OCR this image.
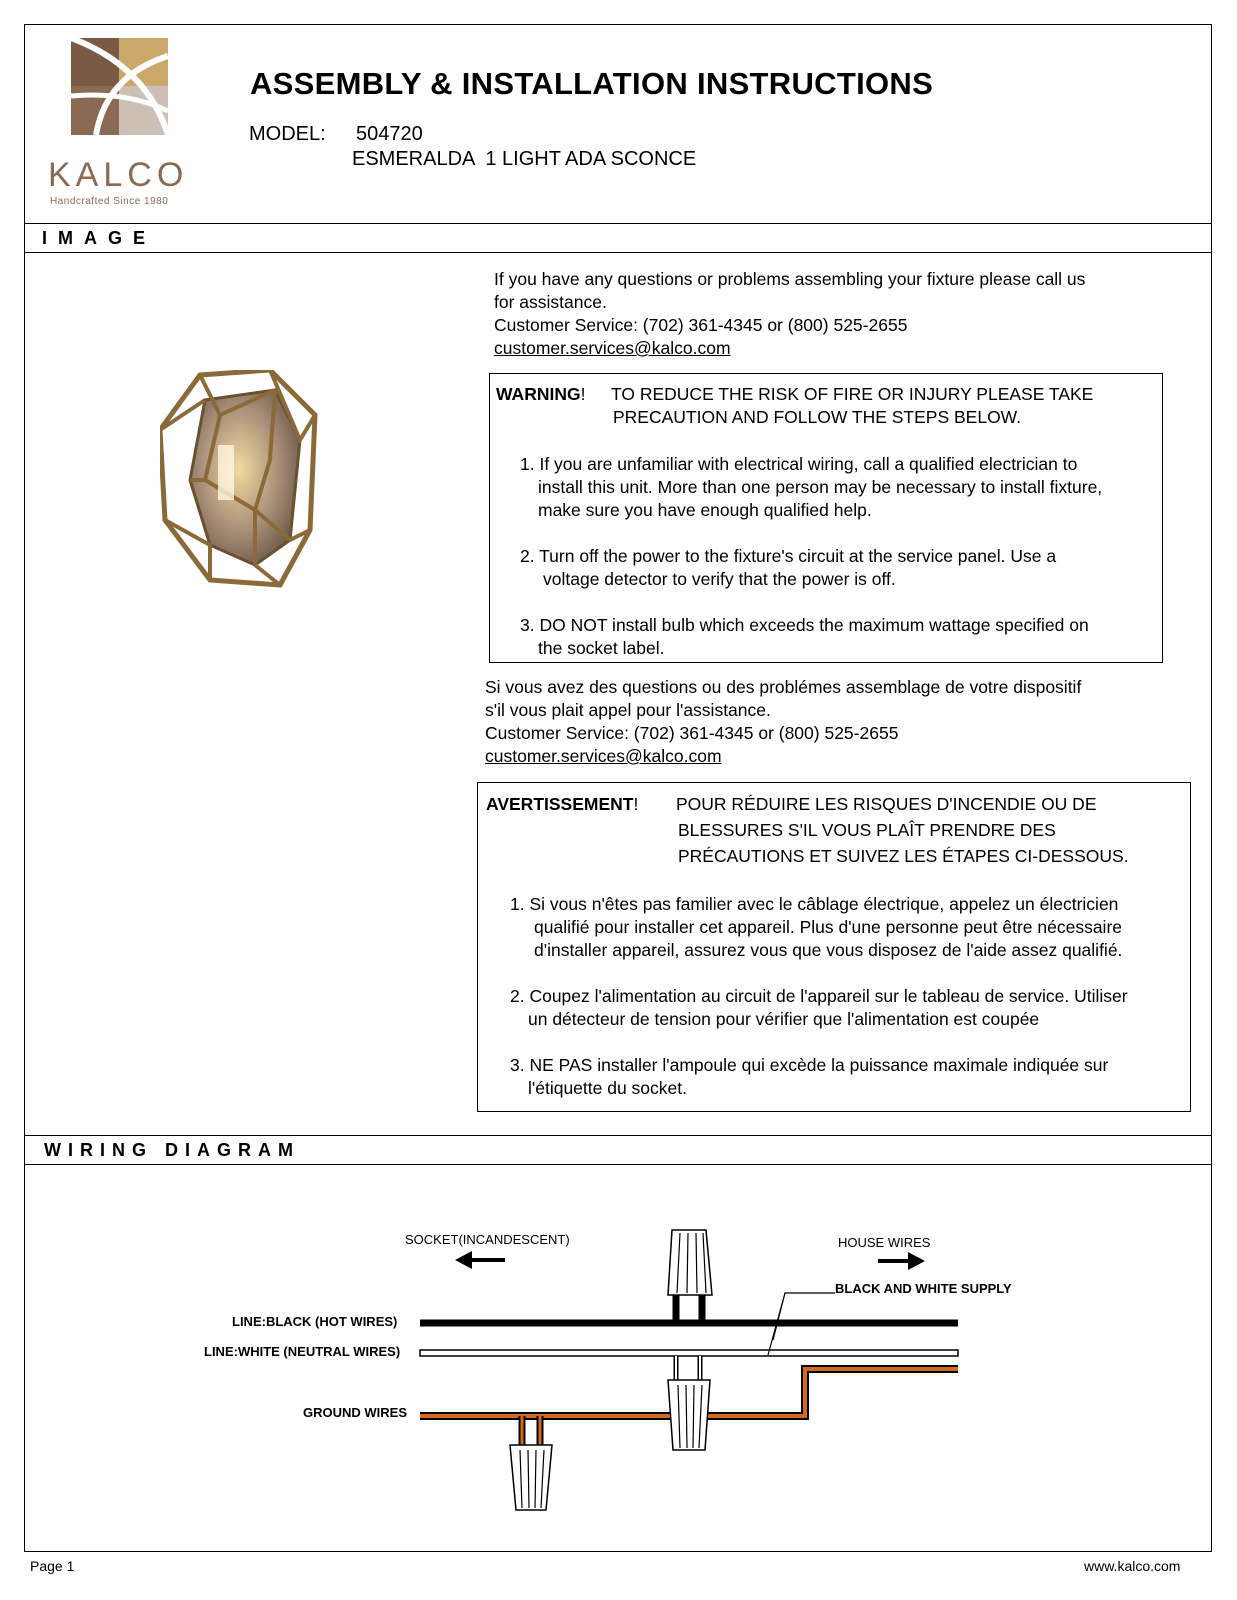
KALCO
Handcrafted Since 1980
ASSEMBLY & INSTALLATION INSTRUCTIONS
MODEL: 504720
ESMERALDA  1 LIGHT ADA SCONCE
IMAGE
If you have any questions or problems assembling your fixture please call us
for assistance.
Customer Service: (702) 361-4345 or (800) 525-2655
customer.services@kalco.com
WARNING! TO REDUCE THE RISK OF FIRE OR INJURY PLEASE TAKE
PRECAUTION AND FOLLOW THE STEPS BELOW.
1. If you are unfamiliar with electrical wiring, call a qualified electrician to
install this unit. More than one person may be necessary to install fixture,
make sure you have enough qualified help.
2. Turn off the power to the fixture's circuit at the service panel. Use a
voltage detector to verify that the power is off.
3. DO NOT install bulb which exceeds the maximum wattage specified on
the socket label.
Si vous avez des questions ou des problémes assemblage de votre dispositif
s'il vous plait appel pour l'assistance.
Customer Service: (702) 361-4345 or (800) 525-2655
customer.services@kalco.com
AVERTISSEMENT! POUR RÉDUIRE LES RISQUES D'INCENDIE OU DE
BLESSURES S'IL VOUS PLAÎT PRENDRE DES
PRÉCAUTIONS ET SUIVEZ LES ÉTAPES CI-DESSOUS.
1. Si vous n'êtes pas familier avec le câblage électrique, appelez un électricien
qualifié pour installer cet appareil. Plus d'une personne peut être nécessaire
d'installer appareil, assurez vous que vous disposez de l'aide assez qualifié.
2. Coupez l'alimentation au circuit de l'appareil sur le tableau de service. Utiliser
un détecteur de tension pour vérifier que l'alimentation est coupée
3. NE PAS installer l'ampoule qui excède la puissance maximale indiquée sur
l'étiquette du socket.
WIRING DIAGRAM
SOCKET(INCANDESCENT)	HOUSE WIRES
BLACK AND WHITE SUPPLY
LINE:BLACK (HOT WIRES)
LINE:WHITE (NEUTRAL WIRES)
GROUND WIRES
Page 1	www.kalco.com
